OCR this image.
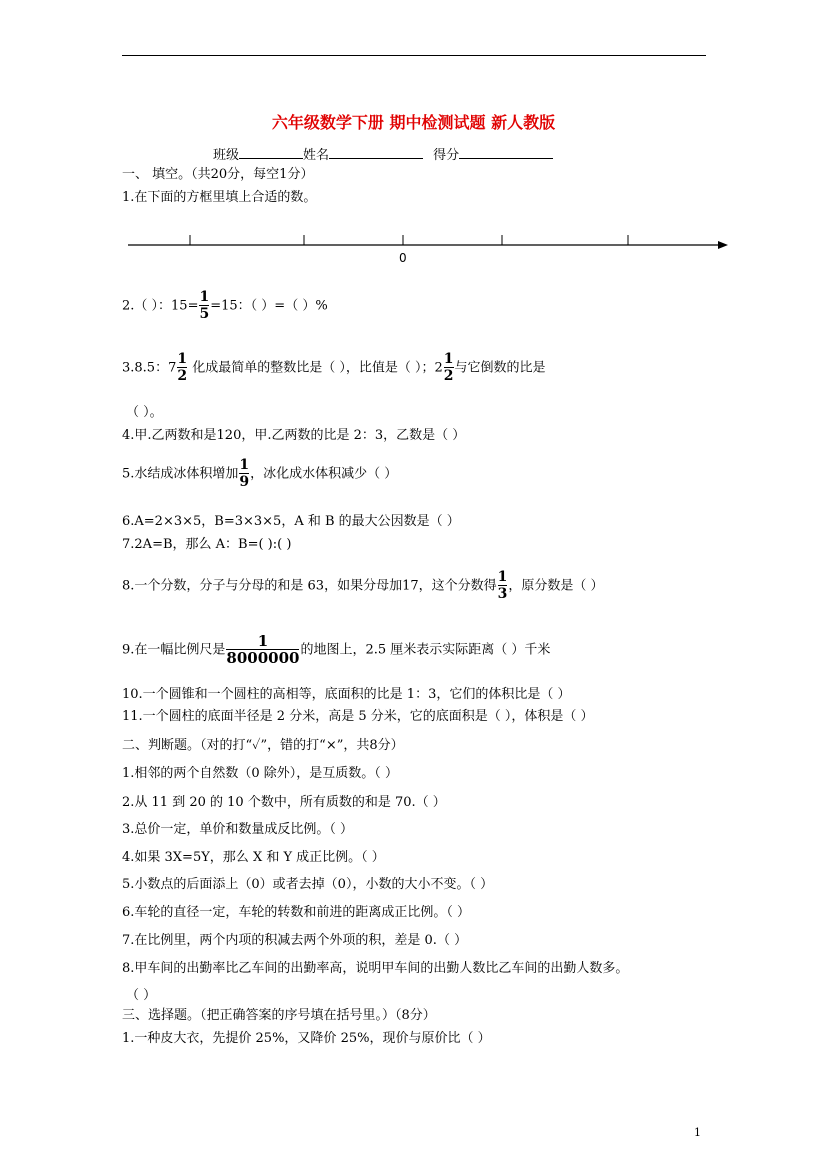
六年级数学下册 期中检测试题 新人教版
班级	姓名	得分
一、 填空。（共20分，每空1分）
1.在下面的方框里填上合适的数。
0
2.（ ）：$15= \frac{1}{5} =15$：（ ）=（ ）%
3.8.5：$7 \frac{1}{2}$ 化成最简单的整数比是（ ），比值是（ ）；$2 \frac{1}{2}$ 与它倒数的比是
（ ）。
4.甲.乙两数和是120，甲.乙两数的比是 2：3，乙数是（ ）
5.水结成冰体积增加 $\frac{1}{9}$ ，冰化成水体积减少（ ）
6.A=2×3×5，B=3×3×5，A 和 B 的最大公因数是（ ）
7.2A=B，那么 A：B=( ):( )
8.一个分数，分子与分母的和是 63，如果分母加17，这个分数得 $\frac{1}{3}$ ，原分数是（ ）
9.在一幅比例尺是 $\frac{1}{8000000}$ 的地图上，2.5 厘米表示实际距离（ ）千米
10.一个圆锥和一个圆柱的高相等，底面积的比是 1：3，它们的体积比是（ ）
11.一个圆柱的底面半径是 2 分米，高是 5 分米，它的底面积是（ ），体积是（ ）
二、判断题。（对的打“✓”，错的打“×”，共8分）
1.相邻的两个自然数（0 除外），是互质数。（ ）
2.从 11 到 20 的 10 个数中，所有质数的和是 70.（ ）
3.总价一定，单价和数量成反比例。（ ）
4.如果 3X=5Y，那么 X 和 Y 成正比例。（ ）
5.小数点的后面添上（0）或者去掉（0），小数的大小不变。（ ）
6.车轮的直径一定，车轮的转数和前进的距离成正比例。（ ）
7.在比例里，两个内项的积减去两个外项的积，差是 0.（ ）
8.甲车间的出勤率比乙车间的出勤率高，说明甲车间的出勤人数比乙车间的出勤人数多。
（ ）
三、选择题。（把正确答案的序号填在括号里。）（8分）
1.一种皮大衣，先提价 25%，又降价 25%，现价与原价比（ ）
1
